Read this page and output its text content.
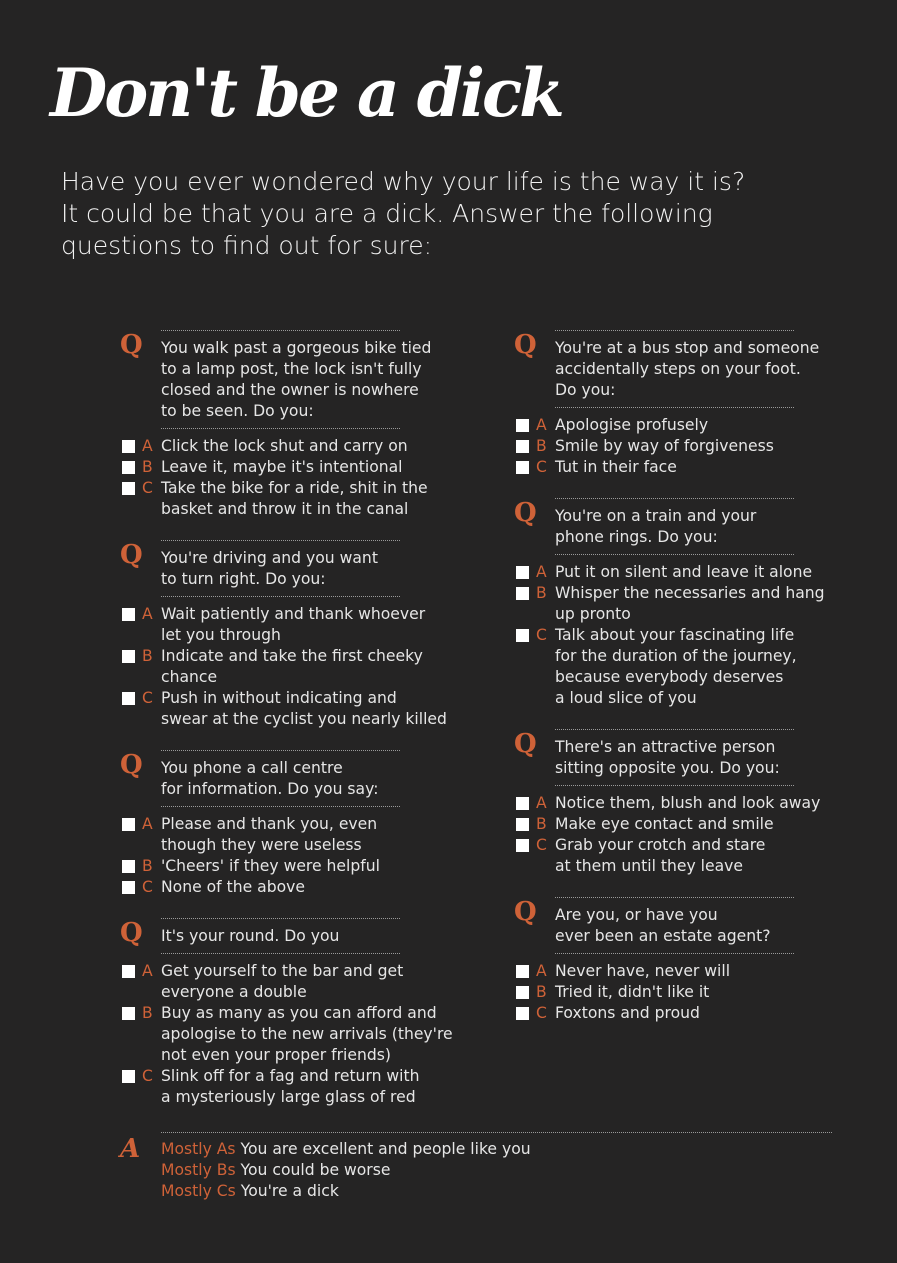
Don't be a dick
Have you ever wondered why your life is the way it is?
It could be that you are a dick. Answer the following
questions to find out for sure:
Q You walk past a gorgeous bike tied
to a lamp post, the lock isn't fully
closed and the owner is nowhere
to be seen. Do you:
A Click the lock shut and carry on
B Leave it, maybe it's intentional
C Take the bike for a ride, shit in the
basket and throw it in the canal
Q You're driving and you want
to turn right. Do you:
A Wait patiently and thank whoever
let you through
B Indicate and take the first cheeky
chance
C Push in without indicating and
swear at the cyclist you nearly killed
Q You phone a call centre
for information. Do you say:
A Please and thank you, even
though they were useless
B 'Cheers' if they were helpful
C None of the above
Q It's your round. Do you
A Get yourself to the bar and get
everyone a double
B Buy as many as you can afford and
apologise to the new arrivals (they're
not even your proper friends)
C Slink off for a fag and return with
a mysteriously large glass of red
Q You're at a bus stop and someone
accidentally steps on your foot.
Do you:
A Apologise profusely
B Smile by way of forgiveness
C Tut in their face
Q You're on a train and your
phone rings. Do you:
A Put it on silent and leave it alone
B Whisper the necessaries and hang
up pronto
C Talk about your fascinating life
for the duration of the journey,
because everybody deserves
a loud slice of you
Q There's an attractive person
sitting opposite you. Do you:
A Notice them, blush and look away
B Make eye contact and smile
C Grab your crotch and stare
at them until they leave
Q Are you, or have you
ever been an estate agent?
A Never have, never will
B Tried it, didn't like it
C Foxtons and proud
A Mostly As You are excellent and people like you
Mostly Bs You could be worse
Mostly Cs You're a dick
